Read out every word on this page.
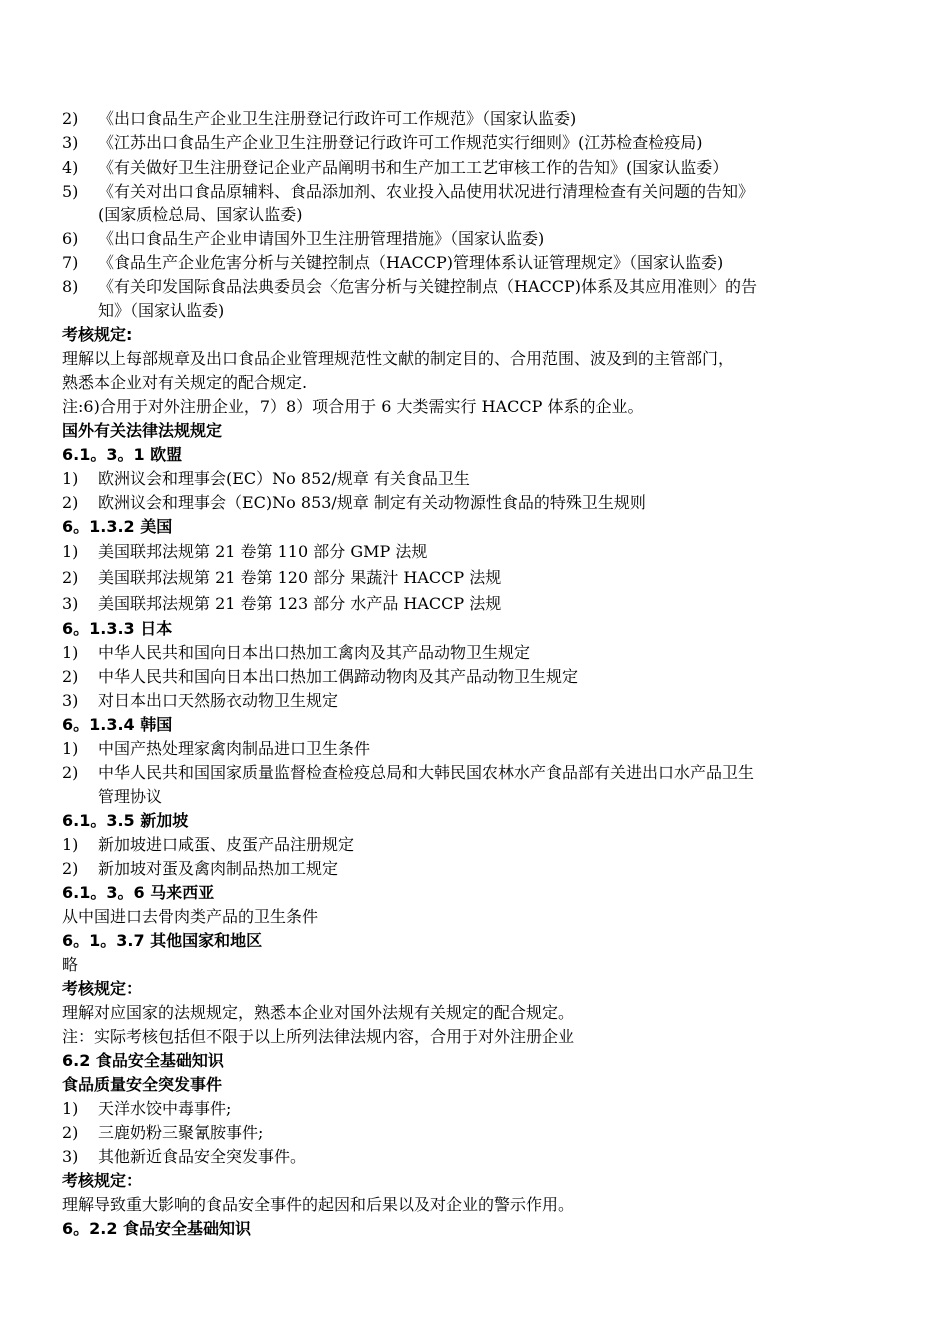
2) 《出口食品生产企业卫生注册登记行政许可工作规范》（国家认监委)
3) 《江苏出口食品生产企业卫生注册登记行政许可工作规范实行细则》(江苏检查检疫局)
4) 《有关做好卫生注册登记企业产品阐明书和生产加工工艺审核工作的告知》(国家认监委）
5) 《有关对出口食品原辅料、食品添加剂、农业投入品使用状况进行清理检查有关问题的告知》
(国家质检总局、国家认监委)
6) 《出口食品生产企业申请国外卫生注册管理措施》（国家认监委)
7) 《食品生产企业危害分析与关键控制点（HACCP)管理体系认证管理规定》（国家认监委)
8) 《有关印发国际食品法典委员会〈危害分析与关键控制点（HACCP)体系及其应用准则〉的告
知》（国家认监委)
考核规定:
理解以上每部规章及出口食品企业管理规范性文献的制定目的、合用范围、波及到的主管部门，
熟悉本企业对有关规定的配合规定.
注:6)合用于对外注册企业，7）8）项合用于 6 大类需实行 HACCP 体系的企业。
国外有关法律法规规定
6.1。3。1 欧盟
1) 欧洲议会和理事会(EC）No 852/规章 有关食品卫生
2) 欧洲议会和理事会（EC)No 853/规章 制定有关动物源性食品的特殊卫生规则
6。1.3.2 美国
1) 美国联邦法规第 21 卷第 110 部分 GMP 法规
2) 美国联邦法规第 21 卷第 120 部分 果蔬汁 HACCP 法规
3) 美国联邦法规第 21 卷第 123 部分 水产品 HACCP 法规
6。1.3.3 日本
1) 中华人民共和国向日本出口热加工禽肉及其产品动物卫生规定
2) 中华人民共和国向日本出口热加工偶蹄动物肉及其产品动物卫生规定
3) 对日本出口天然肠衣动物卫生规定
6。1.3.4 韩国
1) 中国产热处理家禽肉制品进口卫生条件
2) 中华人民共和国国家质量监督检查检疫总局和大韩民国农林水产食品部有关进出口水产品卫生
管理协议
6.1。3.5 新加坡
1) 新加坡进口咸蛋、皮蛋产品注册规定
2) 新加坡对蛋及禽肉制品热加工规定
6.1。3。6 马来西亚
从中国进口去骨肉类产品的卫生条件
6。1。3.7 其他国家和地区
略
考核规定：
理解对应国家的法规规定，熟悉本企业对国外法规有关规定的配合规定。
注：实际考核包括但不限于以上所列法律法规内容，合用于对外注册企业
6.2 食品安全基础知识
食品质量安全突发事件
1) 天洋水饺中毒事件;
2) 三鹿奶粉三聚氰胺事件;
3) 其他新近食品安全突发事件。
考核规定：
理解导致重大影响的食品安全事件的起因和后果以及对企业的警示作用。
6。2.2 食品安全基础知识
